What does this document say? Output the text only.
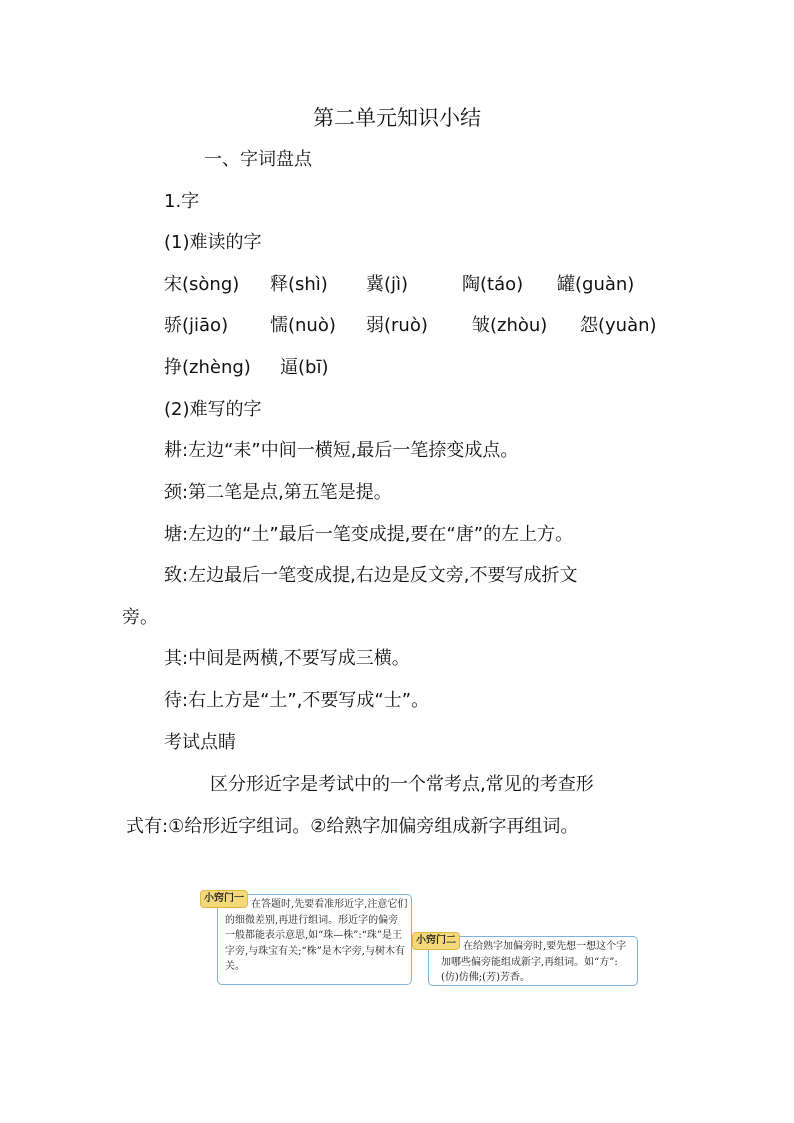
第二单元知识小结
一、字词盘点
1.字
(1)难读的字
宋(sòng) 释(shì) 冀(jì)	陶(táo) 罐(guàn)
骄(jiāo) 懦(nuò) 弱(ruò) 皱(zhòu) 怨(yuàn)
挣(zhèng) 逼(bī)
(2)难写的字
耕:左边“耒”中间一横短,最后一笔捺变成点。
颈:第二笔是点,第五笔是提。
塘:左边的“土”最后一笔变成提,要在“唐”的左上方。
致:左边最后一笔变成提,右边是反文旁,不要写成折文
旁。
其:中间是两横,不要写成三横。
待:右上方是“土”,不要写成“士”。
考试点睛
区分形近字是考试中的一个常考点,常见的考查形
式有:①给形近字组词。②给熟字加偏旁组成新字再组词。
在答题时,先要看准形近字,注意它们的细微差别,再进行组词。形近字的偏旁一般都能表示意思,如“珠—株”:“珠”是王字旁,与珠宝有关;“株”是木字旁,与树木有关。
小窍门一
在给熟字加偏旁时,要先想一想这个字加哪些偏旁能组成新字,再组词。如“方”:(仿)仿佛;(芳)芳香。
小窍门二
